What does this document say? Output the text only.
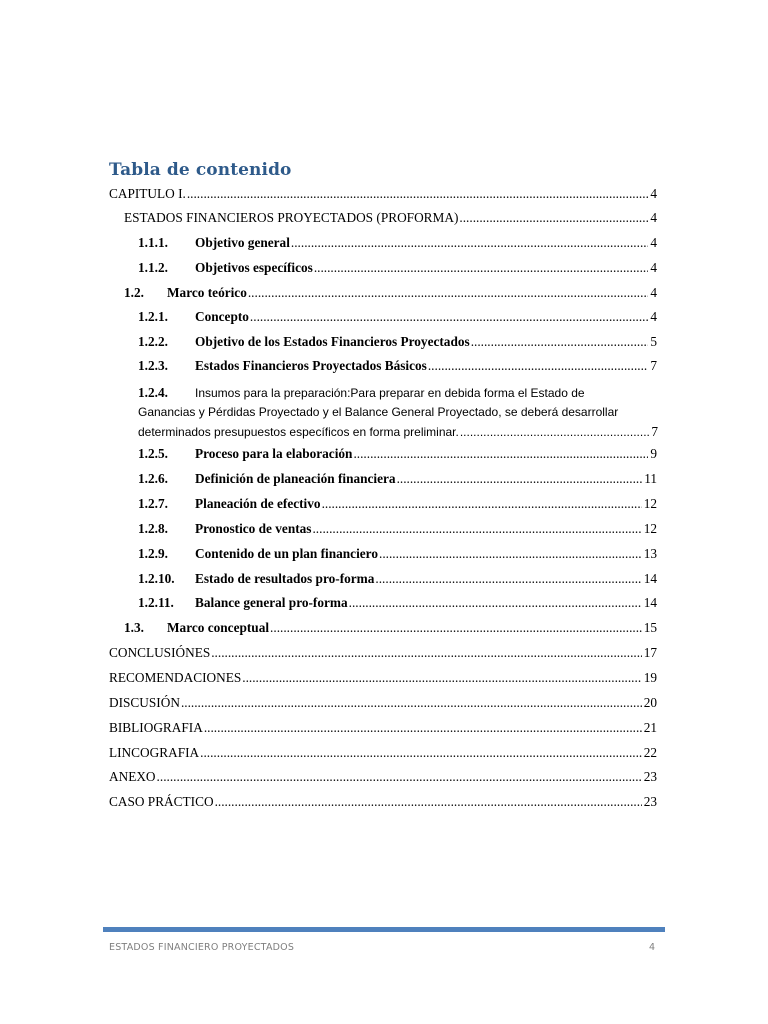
Tabla de contenido
CAPITULO I. .....	4
ESTADOS FINANCIEROS PROYECTADOS (PROFORMA) .....	4
1.1.1.	Objetivo general .....	4
1.1.2.	Objetivos específicos .....	4
1.2.	Marco teórico .....	4
1.2.1.	Concepto .....	4
1.2.2.	Objetivo de los Estados Financieros Proyectados .....	5
1.2.3.	Estados Financieros Proyectados Básicos .....	7
1.2.4. Insumos para la preparación:Para preparar en debida forma el Estado de
Ganancias y Pérdidas Proyectado y el Balance General Proyectado, se deberá desarrollar
determinados presupuestos específicos en forma preliminar. .....	7
1.2.5.	Proceso para la elaboración .....	9
1.2.6.	Definición de planeación financiera .....	11
1.2.7.	Planeación de efectivo .....	12
1.2.8.	Pronostico de ventas .....	12
1.2.9.	Contenido de un plan financiero .....	13
1.2.10.	Estado de resultados pro-forma .....	14
1.2.11.	Balance general pro-forma .....	14
1.3.	Marco conceptual .....	15
CONCLUSIÓNES .....	17
RECOMENDACIONES .....	19
DISCUSIÓN .....	20
BIBLIOGRAFIA .....	21
LINCOGRAFIA .....	22
ANEXO .....	23
CASO PRÁCTICO .....	23
ESTADOS FINANCIERO PROYECTADOS	4
